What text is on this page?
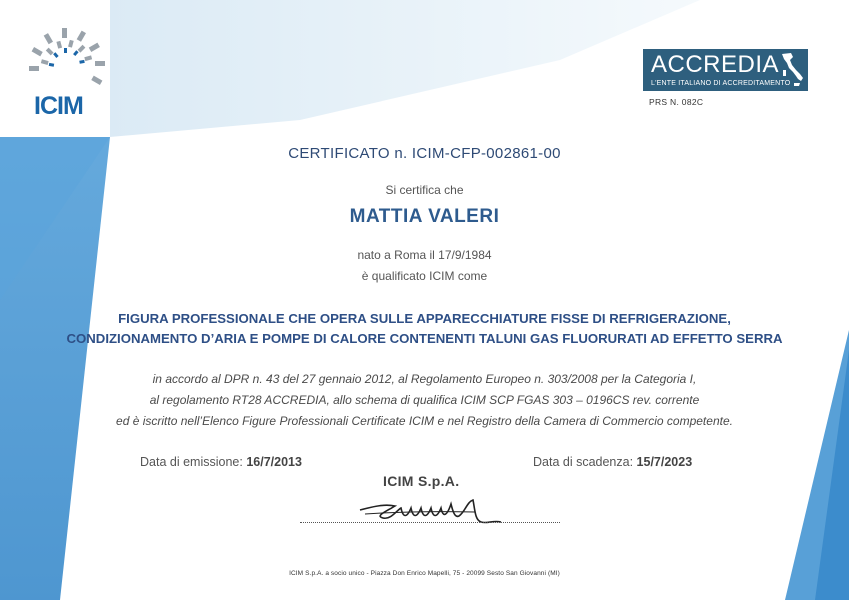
ICIM
ACCREDIA
L'ENTE ITALIANO DI ACCREDITAMENTO
PRS N. 082C
CERTIFICATO n. ICIM-CFP-002861-00
Si certifica che
MATTIA VALERI
nato a Roma il 17/9/1984
è qualificato ICIM come
FIGURA PROFESSIONALE CHE OPERA SULLE APPARECCHIATURE FISSE DI REFRIGERAZIONE,
CONDIZIONAMENTO D’ARIA E POMPE DI CALORE CONTENENTI TALUNI GAS FLUORURATI AD EFFETTO SERRA
in accordo al DPR n. 43 del 27 gennaio 2012, al Regolamento Europeo n. 303/2008 per la Categoria I,
al regolamento RT28 ACCREDIA, allo schema di qualifica ICIM SCP FGAS 303 – 0196CS rev. corrente
ed è iscritto nell’Elenco Figure Professionali Certificate ICIM e nel Registro della Camera di Commercio competente.
Data di emissione: 16/7/2013	Data di scadenza: 15/7/2023
ICIM S.p.A.
ICIM S.p.A. a socio unico - Piazza Don Enrico Mapelli, 75 - 20099 Sesto San Giovanni (MI)
